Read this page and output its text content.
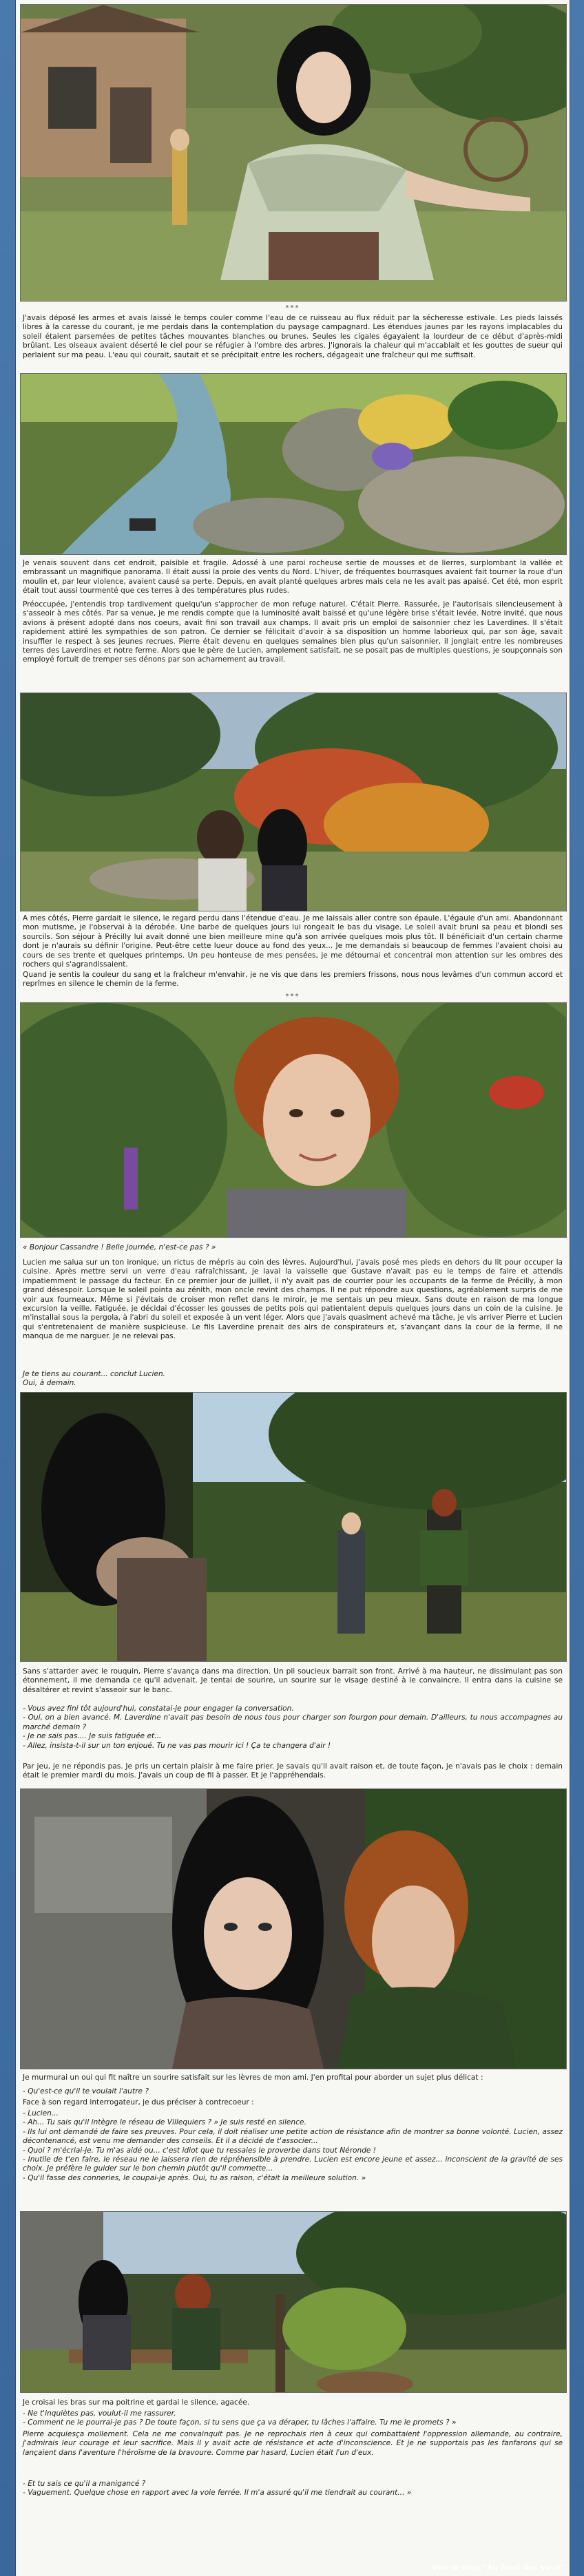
***

J'avais déposé les armes et avais laissé le temps couler comme l'eau de ce ruisseau au flux réduit par la sécheresse estivale. Les pieds laissés libres à la caresse du courant, je me perdais dans la contemplation du paysage campagnard. Les étendues jaunes par les rayons implacables du soleil étaient parsemées de petites tâches mouvantes blanches ou brunes. Seules les cigales égayaient la lourdeur de ce début d'après-midi brûlant. Les oiseaux avaient déserté le ciel pour se réfugier à l'ombre des arbres. J'ignorais la chaleur qui m'accablait et les gouttes de sueur qui perlaient sur ma peau. L'eau qui courait, sautait et se précipitait entre les rochers, dégageait une fraîcheur qui me suffisait.

Je venais souvent dans cet endroit, paisible et fragile. Adossé à une paroi rocheuse sertie de mousses et de lierres, surplombant la vallée et embrassant un magnifique panorama. Il était aussi la proie des vents du Nord. L'hiver, de fréquentes bourrasques avaient fait tourner la roue d'un moulin et, par leur violence, avaient causé sa perte. Depuis, en avait planté quelques arbres mais cela ne les avait pas apaisé. Cet été, mon esprit était tout aussi tourmenté que ces terres à des températures plus rudes.

Préoccupée, j'entendis trop tardivement quelqu'un s'approcher de mon refuge naturel. C'était Pierre. Rassurée, je l'autorisais silencieusement à s'asseoir à mes côtés. Par sa venue, je me rendis compte que la luminosité avait baissé et qu'une légère brise s'était levée. Notre invité, que nous avions à présent adopté dans nos coeurs, avait fini son travail aux champs. Il avait pris un emploi de saisonnier chez les Laverdines. Il s'était rapidement attiré les sympathies de son patron. Ce dernier se félicitait d'avoir à sa disposition un homme laborieux qui, par son âge, savait insuffler le respect à ses jeunes recrues. Pierre était devenu en quelques semaines bien plus qu'un saisonnier, il jonglait entre les nombreuses terres des Laverdines et notre ferme. Alors que le père de Lucien, amplement satisfait, ne se posait pas de multiples questions, je soupçonnais son employé fortuit de tremper ses dénons par son acharnement au travail.

A mes côtés, Pierre gardait le silence, le regard perdu dans l'étendue d'eau. Je me laissais aller contre son épaule. L'égaule d'un ami. Abandonnant mon mutisme, je l'observai à la dérobée. Une barbe de quelques jours lui rongeait le bas du visage. Le soleil avait bruni sa peau et blondi ses sourcils. Son séjour à Précilly lui avait donné une bien meilleure mine qu'à son arrivée quelques mois plus tôt. Il bénéficiait d'un certain charme dont je n'aurais su définir l'origine. Peut-être cette lueur douce au fond des yeux... Je me demandais si beaucoup de femmes l'avaient choisi au cours de ses trente et quelques printemps. Un peu honteuse de mes pensées, je me détournai et concentrai mon attention sur les ombres des rochers qui s'agrandissaient.

Quand je sentis la couleur du sang et la fraîcheur m'envahir, je ne vis que dans les premiers frissons, nous nous levâmes d'un commun accord et reprîmes en silence le chemin de la ferme.

***

« Bonjour Cassandre ! Belle journée, n'est-ce pas ? »

Lucien me salua sur un ton ironique, un rictus de mépris au coin des lèvres. Aujourd'hui, j'avais posé mes pieds en dehors du lit pour occuper la cuisine. Après mettre servi un verre d'eau rafraîchissant, je lavai la vaisselle que Gustave n'avait pas eu le temps de faire et attendis impatiemment le passage du facteur. En ce premier jour de juillet, il n'y avait pas de courrier pour les occupants de la ferme de Précilly, à mon grand désespoir. Lorsque le soleil pointa au zénith, mon oncle revint des champs. Il ne put répondre aux questions, agréablement surpris de me voir aux fourneaux. Même si j'évitais de croiser mon reflet dans le miroir, je me sentais un peu mieux. Sans doute en raison de ma longue excursion la veille. Fatiguée, je décidai d'écosser les gousses de petits pois qui patientaient depuis quelques jours dans un coin de la cuisine. Je m'installai sous la pergola, à l'abri du soleil et exposée à un vent léger. Alors que j'avais quasiment achevé ma tâche, je vis arriver Pierre et Lucien qui s'entretenaient de manière suspicieuse. Le fils Laverdine prenait des airs de conspirateurs et, s'avançant dans la cour de la ferme, il ne manqua de me narguer. Je ne relevai pas.

Je te tiens au courant... conclut Lucien.

Oui, à demain.

Sans s'attarder avec le rouquin, Pierre s'avança dans ma direction. Un pli soucieux barrait son front. Arrivé à ma hauteur, ne dissimulant pas son étonnement, il me demanda ce qu'il advenait. Je tentai de sourire, un sourire sur le visage destiné à le convaincre. Il entra dans la cuisine se désaltérer et revint s'asseoir sur le banc.

- Vous avez fini tôt aujourd'hui, constatai-je pour engager la conversation.

- Oui, on a bien avancé. M. Laverdine n'avait pas besoin de nous tous pour charger son fourgon pour demain. D'ailleurs, tu nous accompagnes au marché demain ?

- Je ne sais pas.... Je suis fatiguée et...

- Allez, insista-t-il sur un ton enjoué. Tu ne vas pas mourir ici ! Ça te changera d'air !

Par jeu, je ne répondis pas. Je pris un certain plaisir à me faire prier. Je savais qu'il avait raison et, de toute façon, je n'avais pas le choix : demain était le premier mardi du mois. J'avais un coup de fil à passer. Et je l'appréhendais.

Je murmurai un oui qui fit naître un sourire satisfait sur les lèvres de mon ami. J'en profitai pour aborder un sujet plus délicat :

- Qu'est-ce qu'il te voulait l'autre ?

Face à son regard interrogateur, je dus préciser à contrecoeur :

- Lucien...

- Ah... Tu sais qu'il intègre le réseau de Villequiers ? » Je suis resté en silence.

- Ils lui ont demandé de faire ses preuves. Pour cela, il doit réaliser une petite action de résistance afin de montrer sa bonne volonté. Lucien, assez décontenancé, est venu me demander des conseils. Et il a décidé de t'associer...

- Quoi ? m'écriai-je. Tu m'as aidé ou... c'est idiot que tu ressaies le proverbe dans tout Néronde !

- Inutile de t'en faire, le réseau ne le laissera rien de répréhensible à prendre. Lucien est encore jeune et assez... inconscient de la gravité de ses choix. Je préfère le guider sur le bon chemin plutôt qu'il commette...

- Qu'il fasse des conneries, le coupai-je après. Oui, tu as raison, c'était la meilleure solution. »

Je croisai les bras sur ma poitrine et gardai le silence, agacée.

- Ne t'inquiètes pas, voulut-il me rassurer.

- Comment ne le pourrai-je pas ? De toute façon, si tu sens que ça va déraper, tu lâches l'affaire. Tu me le promets ? »

Pierre acquiesça mollement. Cela ne me convainquit pas. Je ne reprochais rien à ceux qui combattaient l'oppression allemande, au contraire, j'admirais leur courage et leur sacrifice. Mais il y avait acte de résistance et acte d'inconscience. Et je ne supportais pas les fanfarons qui se lançaient dans l'aventure l'héroïsme de la bravoure. Comme par hasard, Lucien était l'un d'eux.

- Et tu sais ce qu'il a manigancé ?

- Vaguement. Quelque chose en rapport avec la voie ferrée. Il m'a assuré qu'il me tiendrait au courant... »

Voir le blog "Au fond des yeux"
